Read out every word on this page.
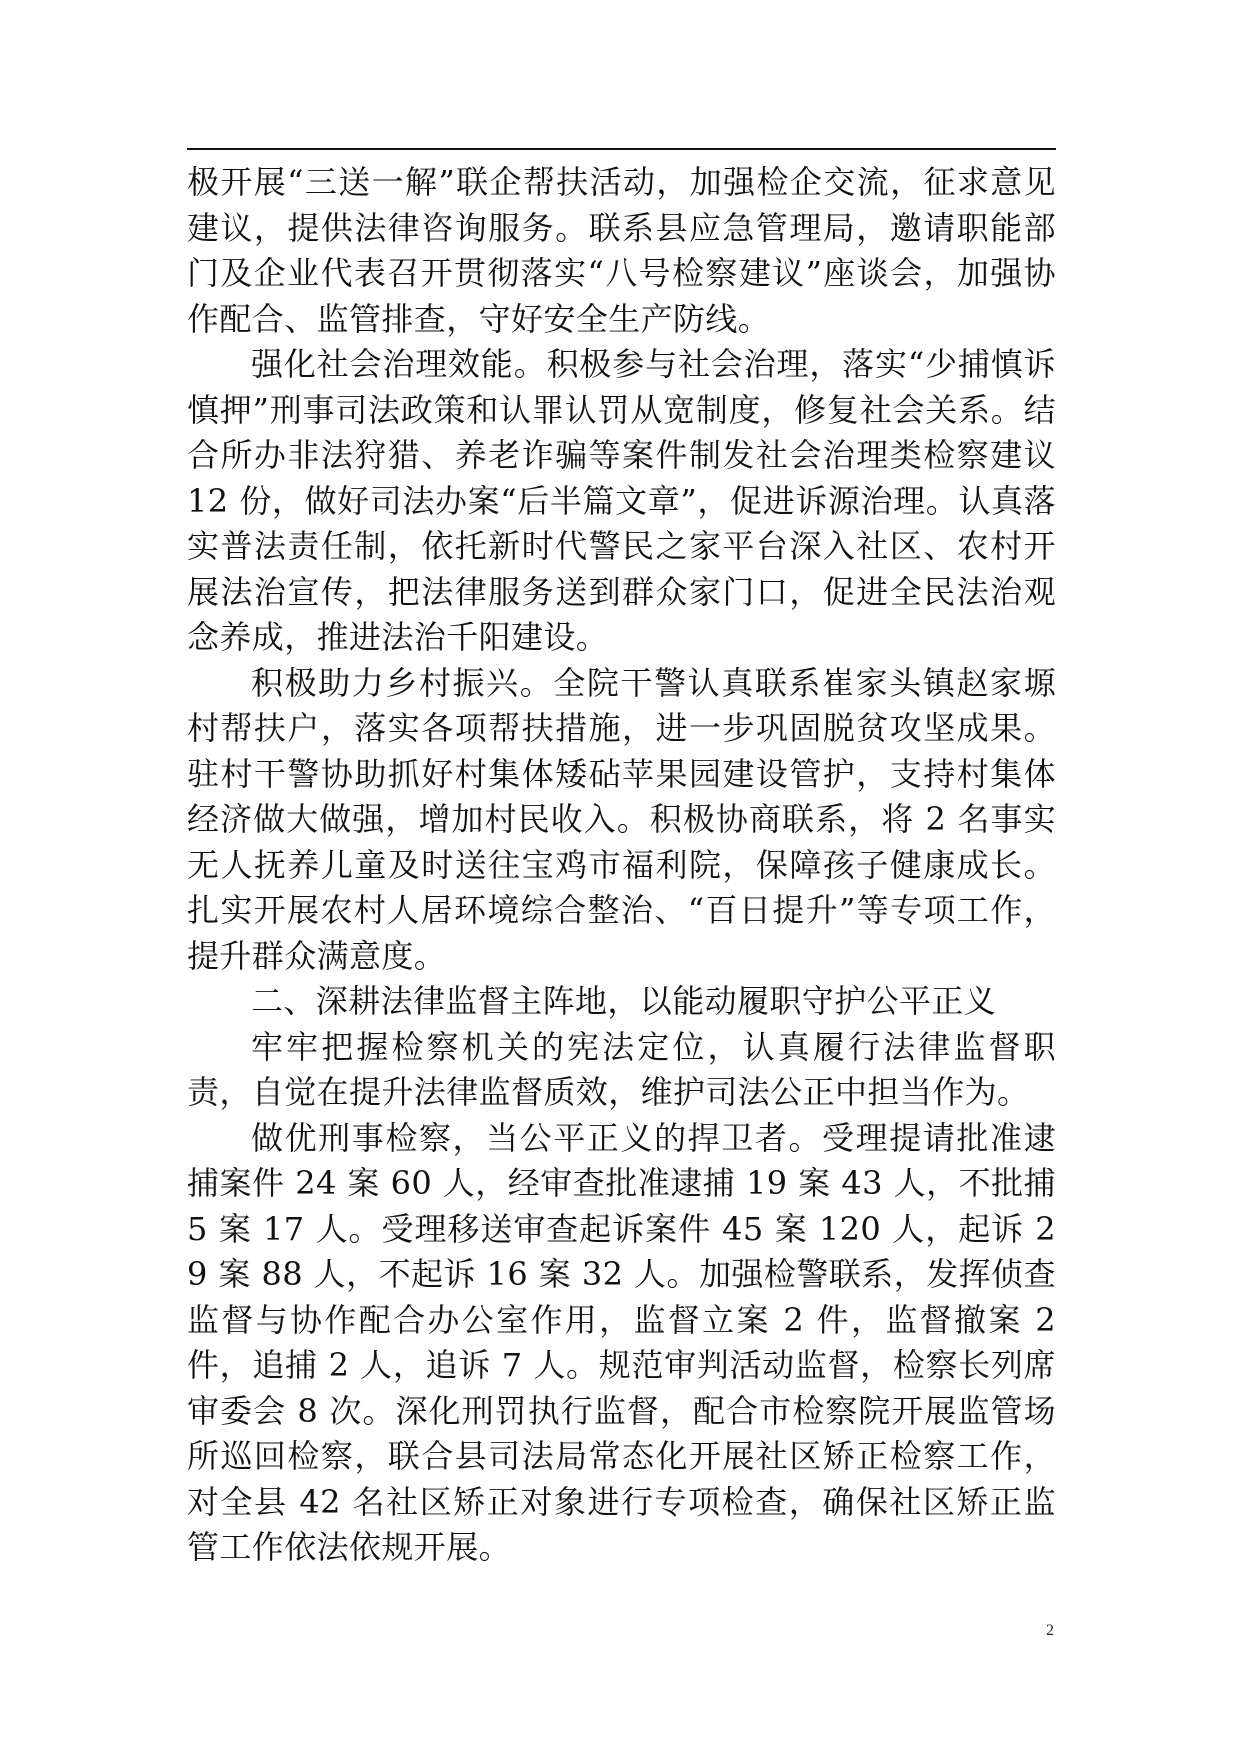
极开展“三送一解”联企帮扶活动，加强检企交流，征求意见建议，提供法律咨询服务。联系县应急管理局，邀请职能部门及企业代表召开贯彻落实“八号检察建议”座谈会，加强协作配合、监管排查，守好安全生产防线。

强化社会治理效能。积极参与社会治理，落实“少捕慎诉慎押”刑事司法政策和认罪认罚从宽制度，修复社会关系。结合所办非法狩猎、养老诈骗等案件制发社会治理类检察建议 12 份，做好司法办案“后半篇文章”，促进诉源治理。认真落实普法责任制，依托新时代警民之家平台深入社区、农村开展法治宣传，把法律服务送到群众家门口，促进全民法治观念养成，推进法治千阳建设。

积极助力乡村振兴。全院干警认真联系崔家头镇赵家塬村帮扶户，落实各项帮扶措施，进一步巩固脱贫攻坚成果。驻村干警协助抓好村集体矮砧苹果园建设管护，支持村集体经济做大做强，增加村民收入。积极协商联系，将 2 名事实无人抚养儿童及时送往宝鸡市福利院，保障孩子健康成长。扎实开展农村人居环境综合整治、“百日提升”等专项工作，提升群众满意度。

二、深耕法律监督主阵地，以能动履职守护公平正义

牢牢把握检察机关的宪法定位，认真履行法律监督职责，自觉在提升法律监督质效，维护司法公正中担当作为。

做优刑事检察，当公平正义的捍卫者。受理提请批准逮捕案件 24 案 60 人，经审查批准逮捕 19 案 43 人，不批捕 5 案 17 人。受理移送审查起诉案件 45 案 120 人，起诉 29 案 88 人，不起诉 16 案 32 人。加强检警联系，发挥侦查监督与协作配合办公室作用，监督立案 2 件，监督撤案 2 件，追捕 2 人，追诉 7 人。规范审判活动监督，检察长列席审委会 8 次。深化刑罚执行监督，配合市检察院开展监管场所巡回检察，联合县司法局常态化开展社区矫正检察工作，对全县 42 名社区矫正对象进行专项检查，确保社区矫正监管工作依法依规开展。

2
